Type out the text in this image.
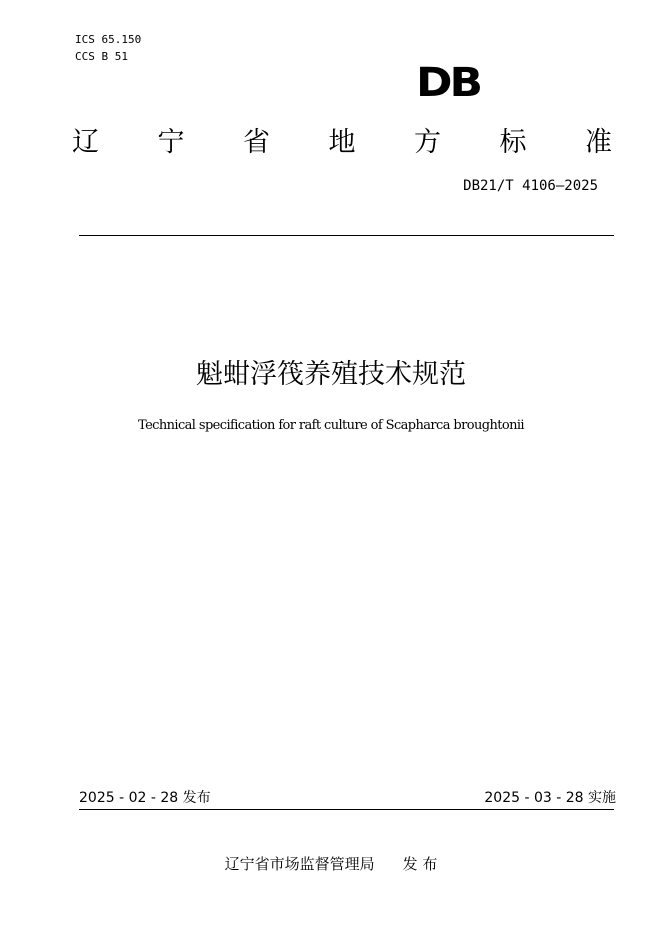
ICS 65.150
CCS B 51
DB
辽 宁 省 地 方 标 准
DB21/T 4106—2025
魁蚶浮筏养殖技术规范
Technical specification for raft culture of Scapharca broughtonii
2025 - 02 - 28 发布	2025 - 03 - 28 实施
辽宁省市场监督管理局 发 布
